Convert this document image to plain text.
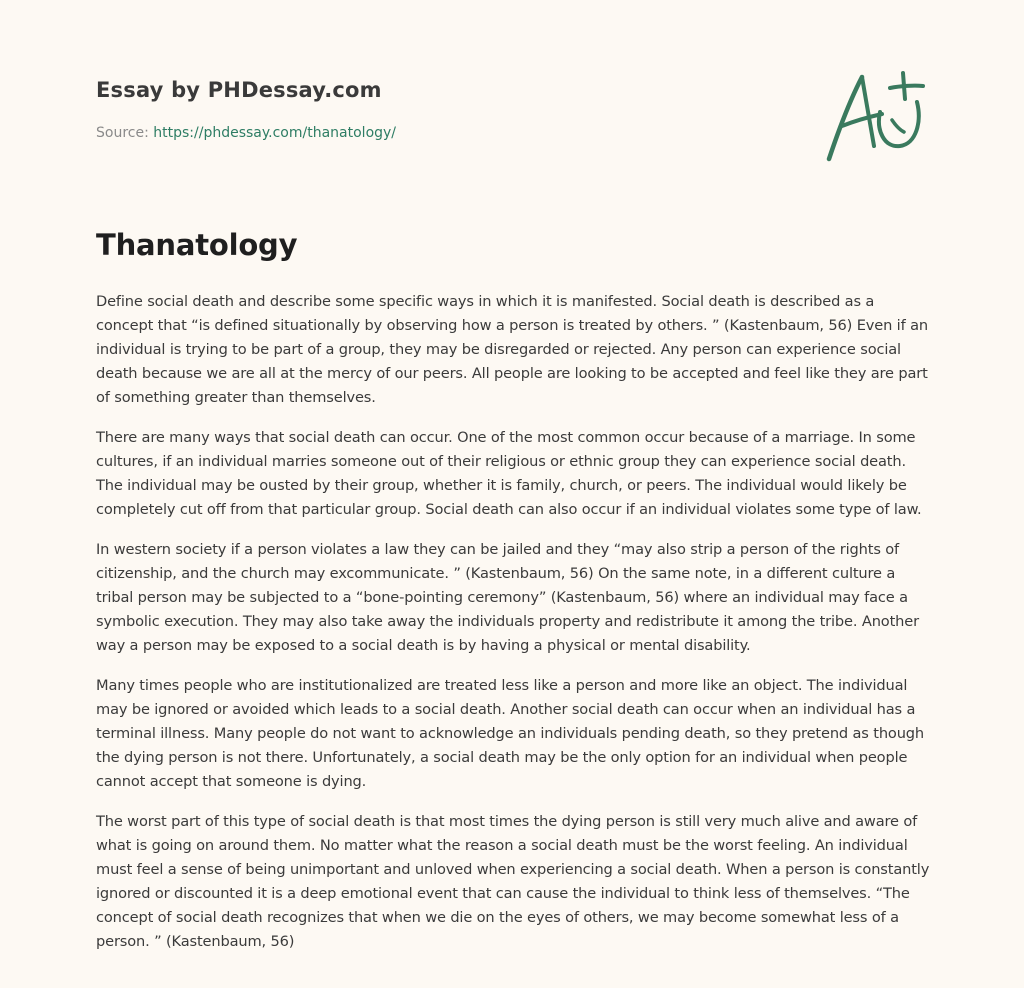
Essay by PHDessay.com
Source: https://phdessay.com/thanatology/
Thanatology

Define social death and describe some specific ways in which it is manifested. Social death is described as a concept that “is defined situationally by observing how a person is treated by others. ” (Kastenbaum, 56) Even if an individual is trying to be part of a group, they may be disregarded or rejected. Any person can experience social death because we are all at the mercy of our peers. All people are looking to be accepted and feel like they are part of something greater than themselves.

There are many ways that social death can occur. One of the most common occur because of a marriage. In some cultures, if an individual marries someone out of their religious or ethnic group they can experience social death. The individual may be ousted by their group, whether it is family, church, or peers. The individual would likely be completely cut off from that particular group. Social death can also occur if an individual violates some type of law.

In western society if a person violates a law they can be jailed and they “may also strip a person of the rights of citizenship, and the church may excommunicate. ” (Kastenbaum, 56) On the same note, in a different culture a tribal person may be subjected to a “bone-pointing ceremony” (Kastenbaum, 56) where an individual may face a symbolic execution. They may also take away the individuals property and redistribute it among the tribe. Another way a person may be exposed to a social death is by having a physical or mental disability.

Many times people who are institutionalized are treated less like a person and more like an object. The individual may be ignored or avoided which leads to a social death. Another social death can occur when an individual has a terminal illness. Many people do not want to acknowledge an individuals pending death, so they pretend as though the dying person is not there. Unfortunately, a social death may be the only option for an individual when people cannot accept that someone is dying.

The worst part of this type of social death is that most times the dying person is still very much alive and aware of what is going on around them. No matter what the reason a social death must be the worst feeling. An individual must feel a sense of being unimportant and unloved when experiencing a social death. When a person is constantly ignored or discounted it is a deep emotional event that can cause the individual to think less of themselves. “The concept of social death recognizes that when we die on the eyes of others, we may become somewhat less of a person. ” (Kastenbaum, 56)
